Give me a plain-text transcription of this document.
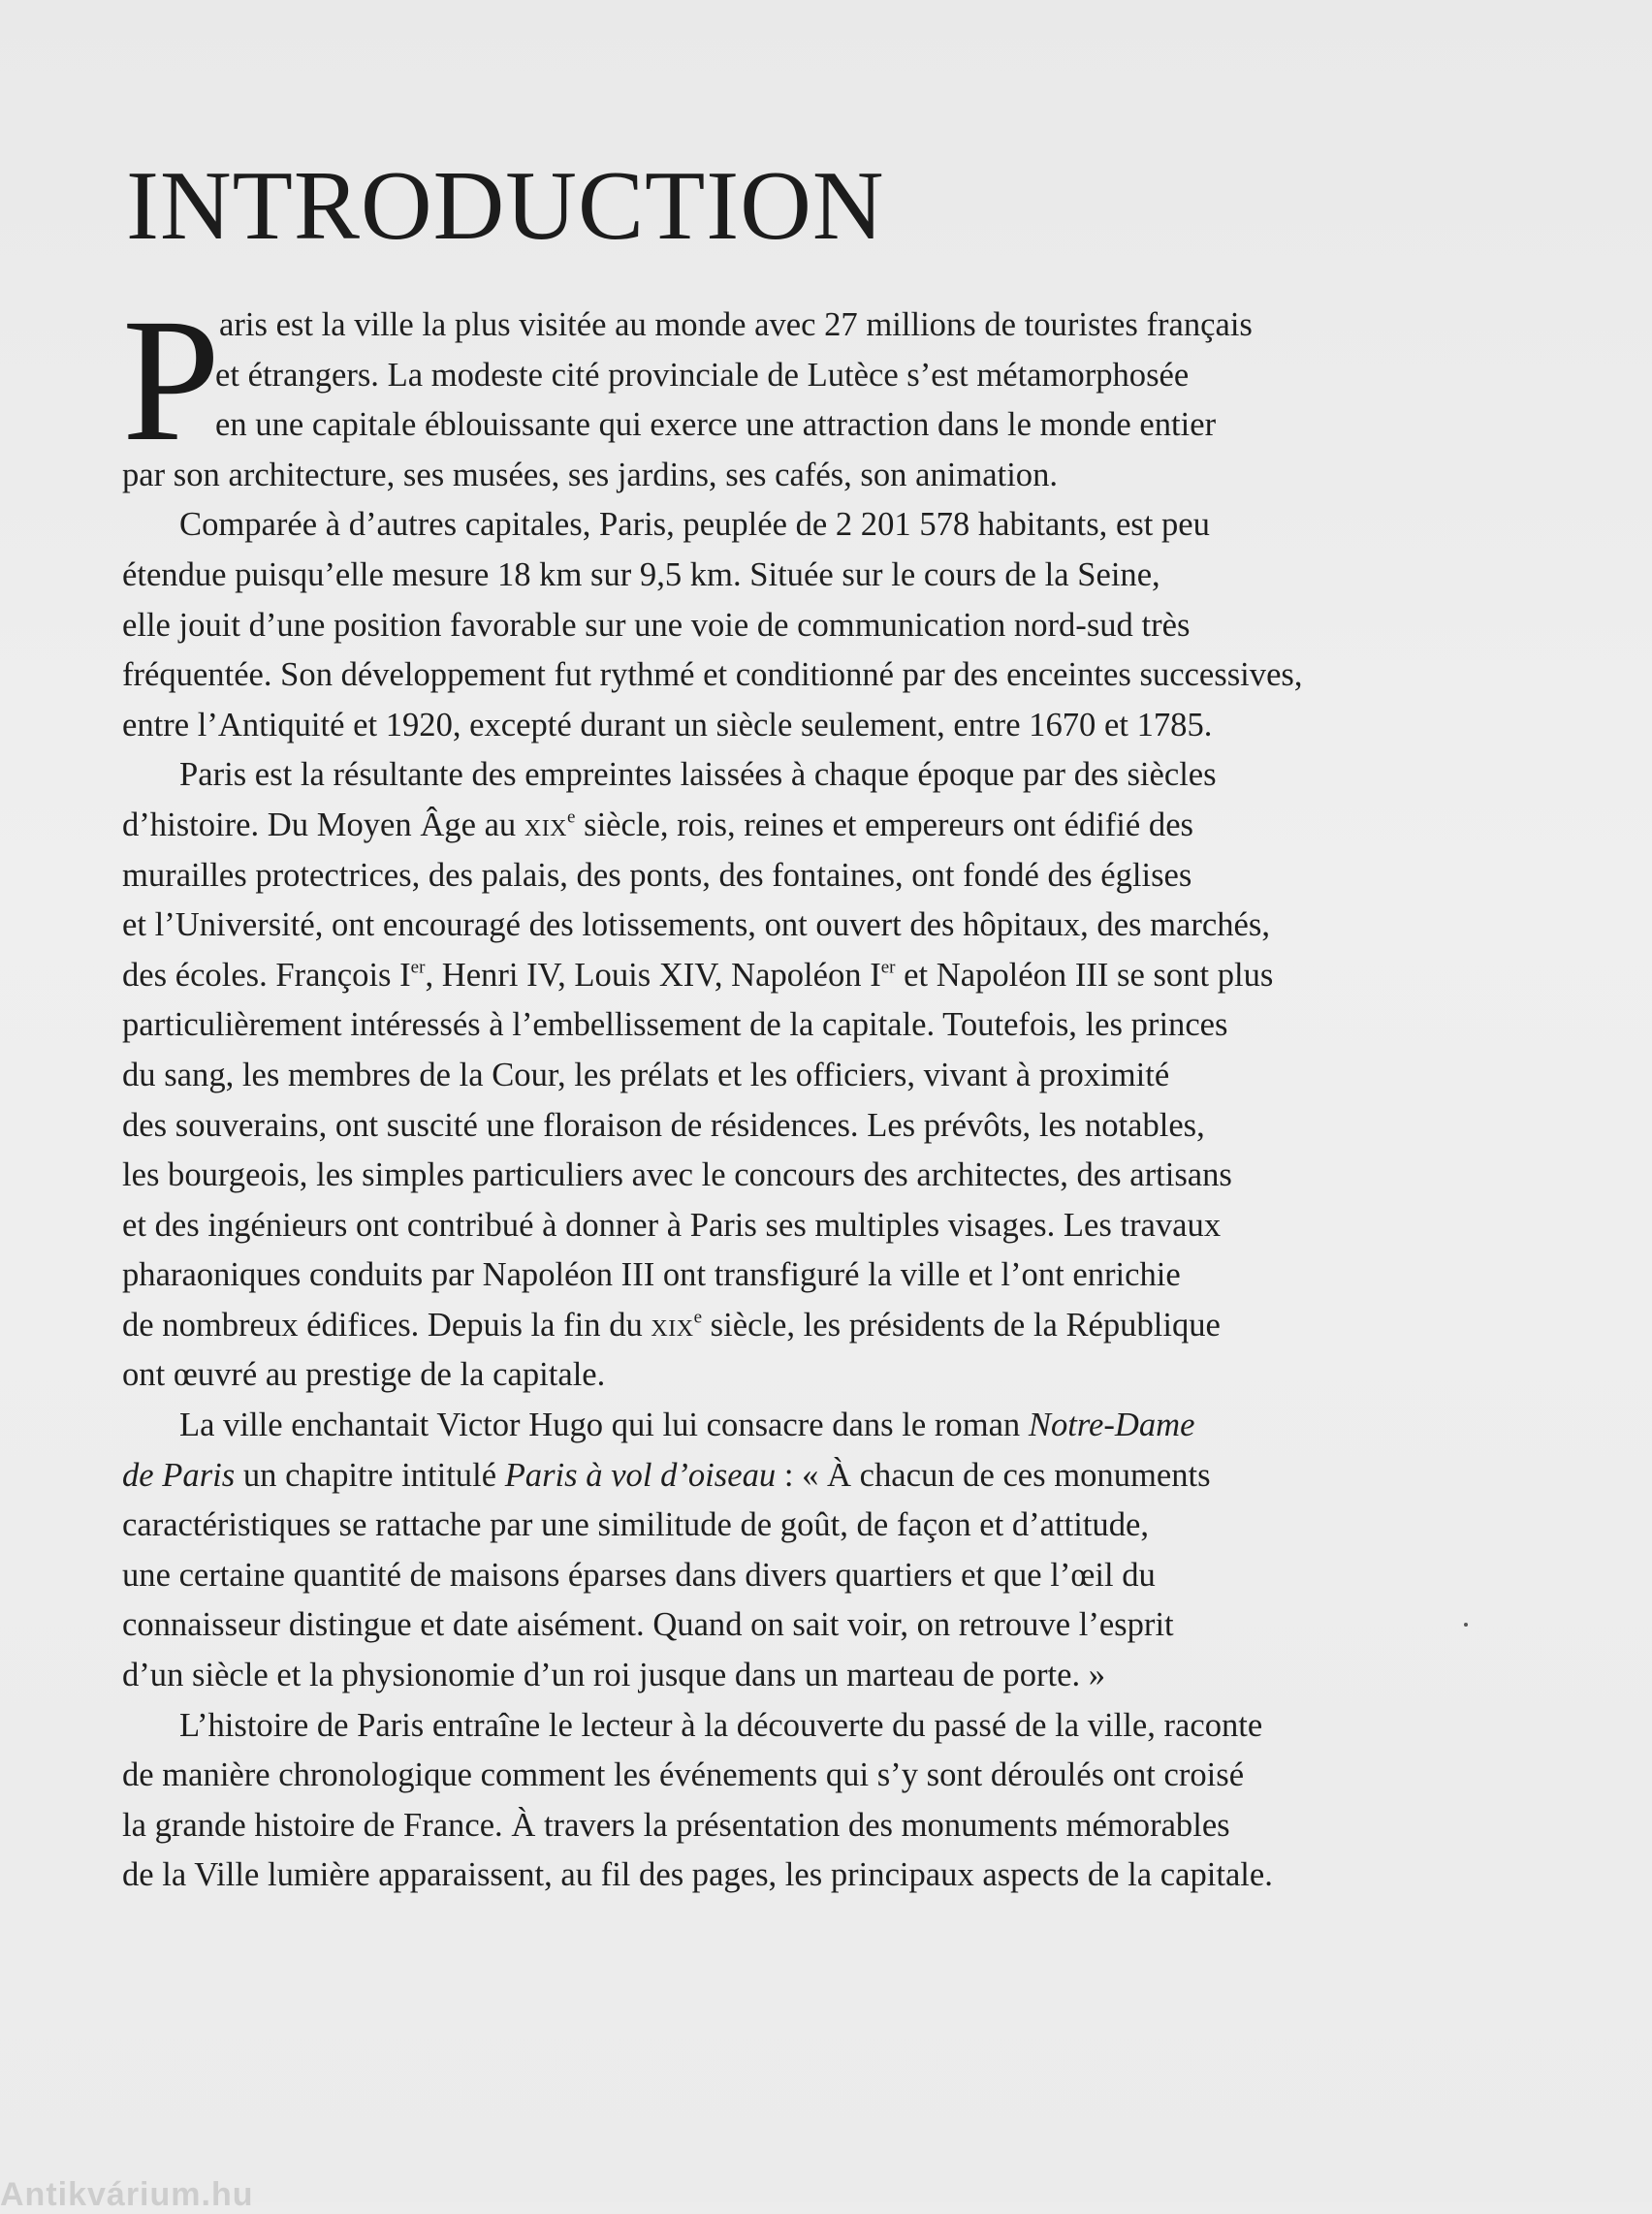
INTRODUCTION
P
aris est la ville la plus visitée au monde avec 27 millions de touristes français
et étrangers. La modeste cité provinciale de Lutèce s’est métamorphosée
en une capitale éblouissante qui exerce une attraction dans le monde entier
par son architecture, ses musées, ses jardins, ses cafés, son animation.
Comparée à d’autres capitales, Paris, peuplée de 2 201 578 habitants, est peu
étendue puisqu’elle mesure 18 km sur 9,5 km. Située sur le cours de la Seine,
elle jouit d’une position favorable sur une voie de communication nord-sud très
fréquentée. Son développement fut rythmé et conditionné par des enceintes successives,
entre l’Antiquité et 1920, excepté durant un siècle seulement, entre 1670 et 1785.
Paris est la résultante des empreintes laissées à chaque époque par des siècles
d’histoire. Du Moyen Âge au xix$^e$ siècle, rois, reines et empereurs ont édifié des
murailles protectrices, des palais, des ponts, des fontaines, ont fondé des églises
et l’Université, ont encouragé des lotissements, ont ouvert des hôpitaux, des marchés,
des écoles. François Ier, Henri IV, Louis XIV, Napoléon Ier et Napoléon III se sont plus
particulièrement intéressés à l’embellissement de la capitale. Toutefois, les princes
du sang, les membres de la Cour, les prélats et les officiers, vivant à proximité
des souverains, ont suscité une floraison de résidences. Les prévôts, les notables,
les bourgeois, les simples particuliers avec le concours des architectes, des artisans
et des ingénieurs ont contribué à donner à Paris ses multiples visages. Les travaux
pharaoniques conduits par Napoléon III ont transfiguré la ville et l’ont enrichie
de nombreux édifices. Depuis la fin du xix$^e$ siècle, les présidents de la République
ont œuvré au prestige de la capitale.
La ville enchantait Victor Hugo qui lui consacre dans le roman Notre-Dame
de Paris un chapitre intitulé Paris à vol d’oiseau : « À chacun de ces monuments
caractéristiques se rattache par une similitude de goût, de façon et d’attitude,
une certaine quantité de maisons éparses dans divers quartiers et que l’œil du
connaisseur distingue et date aisément. Quand on sait voir, on retrouve l’esprit
d’un siècle et la physionomie d’un roi jusque dans un marteau de porte. »
L’histoire de Paris entraîne le lecteur à la découverte du passé de la ville, raconte
de manière chronologique comment les événements qui s’y sont déroulés ont croisé
la grande histoire de France. À travers la présentation des monuments mémorables
de la Ville lumière apparaissent, au fil des pages, les principaux aspects de la capitale.
Antikvárium.hu
